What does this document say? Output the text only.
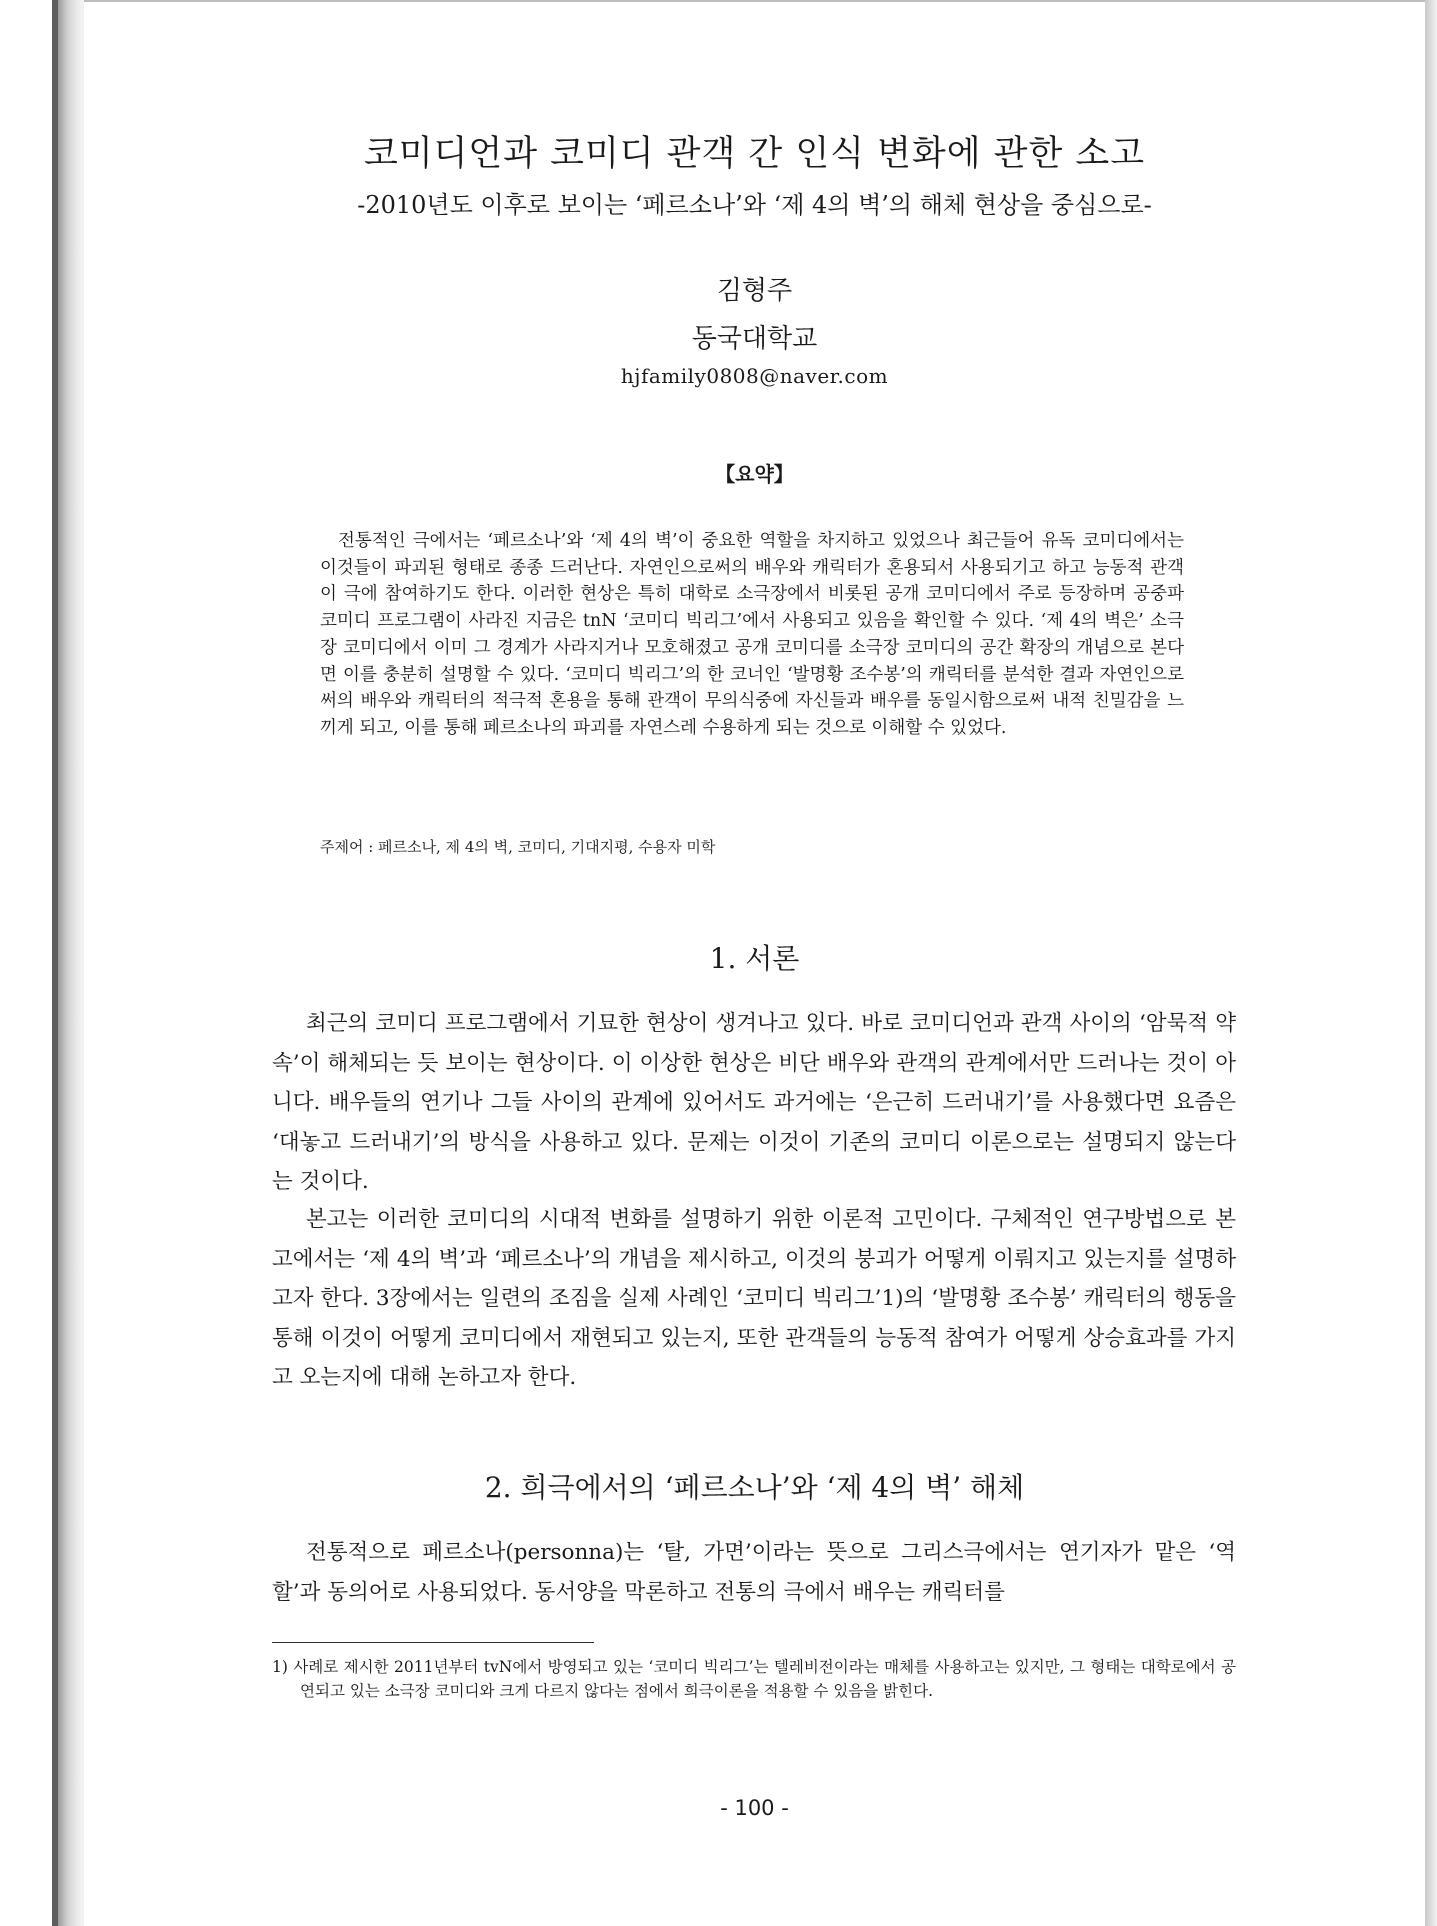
코미디언과 코미디 관객 간 인식 변화에 관한 소고
-2010년도 이후로 보이는 ‘페르소나’와 ‘제 4의 벽’의 해체 현상을 중심으로-
김형주
동국대학교
hjfamily0808@naver.com
【요약】
전통적인 극에서는 ‘페르소나’와 ‘제 4의 벽’이 중요한 역할을 차지하고 있었으나 최근들어 유독 코미디에서는 이것들이 파괴된 형태로 종종 드러난다. 자연인으로써의 배우와 캐릭터가 혼용되서 사용되기고 하고 능동적 관객이 극에 참여하기도 한다. 이러한 현상은 특히 대학로 소극장에서 비롯된 공개 코미디에서 주로 등장하며 공중파 코미디 프로그램이 사라진 지금은 tnN ‘코미디 빅리그’에서 사용되고 있음을 확인할 수 있다. ‘제 4의 벽은’ 소극장 코미디에서 이미 그 경계가 사라지거나 모호해졌고 공개 코미디를 소극장 코미디의 공간 확장의 개념으로 본다면 이를 충분히 설명할 수 있다. ‘코미디 빅리그’의 한 코너인 ‘발명황 조수봉’의 캐릭터를 분석한 결과 자연인으로써의 배우와 캐릭터의 적극적 혼용을 통해 관객이 무의식중에 자신들과 배우를 동일시함으로써 내적 친밀감을 느끼게 되고, 이를 통해 페르소나의 파괴를 자연스레 수용하게 되는 것으로 이해할 수 있었다.
주제어 : 페르소나, 제 4의 벽, 코미디, 기대지평, 수용자 미학
1. 서론
최근의 코미디 프로그램에서 기묘한 현상이 생겨나고 있다. 바로 코미디언과 관객 사이의 ‘암묵적 약속’이 해체되는 듯 보이는 현상이다. 이 이상한 현상은 비단 배우와 관객의 관계에서만 드러나는 것이 아니다. 배우들의 연기나 그들 사이의 관계에 있어서도 과거에는 ‘은근히 드러내기’를 사용했다면 요즘은 ‘대놓고 드러내기’의 방식을 사용하고 있다. 문제는 이것이 기존의 코미디 이론으로는 설명되지 않는다는 것이다.
본고는 이러한 코미디의 시대적 변화를 설명하기 위한 이론적 고민이다. 구체적인 연구방법으로 본고에서는 ‘제 4의 벽’과 ‘페르소나’의 개념을 제시하고, 이것의 붕괴가 어떻게 이뤄지고 있는지를 설명하고자 한다. 3장에서는 일련의 조짐을 실제 사례인 ‘코미디 빅리그’1)의 ‘발명황 조수봉’ 캐릭터의 행동을 통해 이것이 어떻게 코미디에서 재현되고 있는지, 또한 관객들의 능동적 참여가 어떻게 상승효과를 가지고 오는지에 대해 논하고자 한다.
2. 희극에서의 ‘페르소나’와 ‘제 4의 벽’ 해체
전통적으로 페르소나(personna)는 ‘탈, 가면’이라는 뜻으로 그리스극에서는 연기자가 맡은 ‘역할’과 동의어로 사용되었다. 동서양을 막론하고 전통의 극에서 배우는 캐릭터를
1) 사례로 제시한 2011년부터 tvN에서 방영되고 있는 ‘코미디 빅리그’는 텔레비전이라는 매체를 사용하고는 있지만, 그 형태는 대학로에서 공연되고 있는 소극장 코미디와 크게 다르지 않다는 점에서 희극이론을 적용할 수 있음을 밝힌다.
- 100 -
